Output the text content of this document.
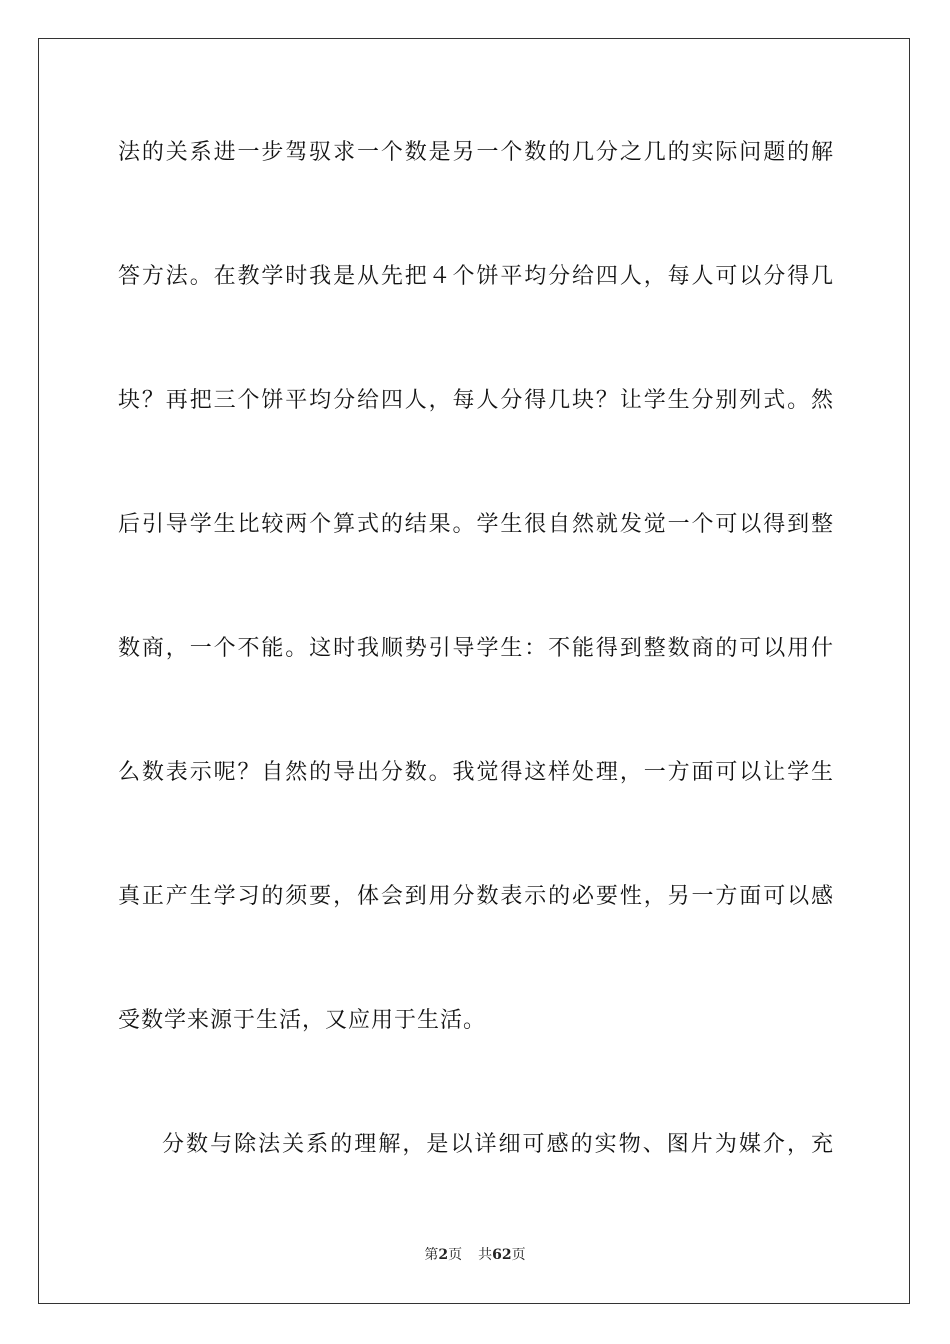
法的关系进一步驾驭求一个数是另一个数的几分之几的实际问题的解
答方法。在教学时我是从先把４个饼平均分给四人，每人可以分得几
块？再把三个饼平均分给四人，每人分得几块？让学生分别列式。然
后引导学生比较两个算式的结果。学生很自然就发觉一个可以得到整
数商，一个不能。这时我顺势引导学生：不能得到整数商的可以用什
么数表示呢？自然的导出分数。我觉得这样处理，一方面可以让学生
真正产生学习的须要，体会到用分数表示的必要性，另一方面可以感
受数学来源于生活，又应用于生活。
分数与除法关系的理解，是以详细可感的实物、图片为媒介，充
第2页 共62页
